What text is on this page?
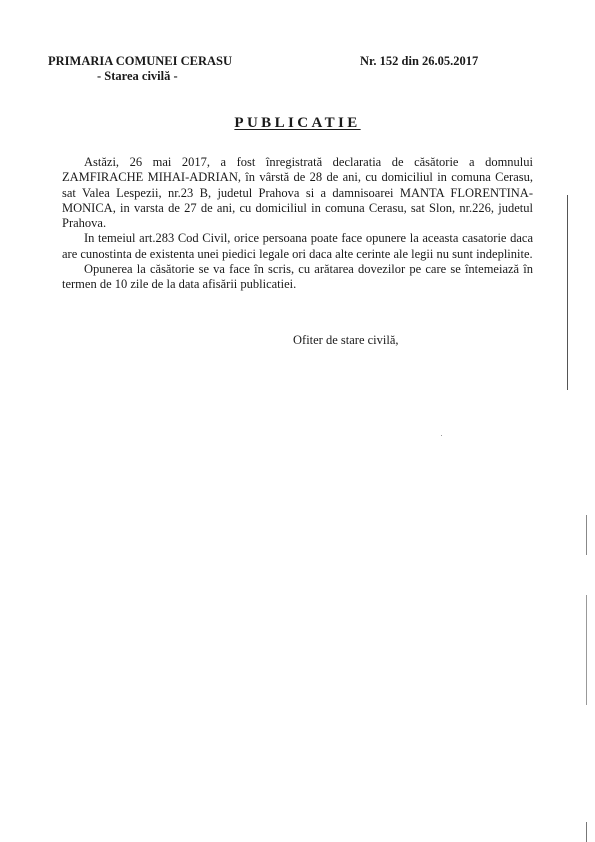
PRIMARIA COMUNEI CERASU
- Starea civilă -
Nr. 152 din 26.05.2017
PUBLICATIE

Astăzi, 26 mai 2017, a fost înregistrată declaratia de căsătorie a domnului ZAMFIRACHE MIHAI-ADRIAN, în vârstă de 28 de ani, cu domiciliul in comuna Cerasu, sat Valea Lespezii, nr.23 B, judetul Prahova si a damnisoarei MANTA FLORENTINA-MONICA, in varsta de 27 de ani, cu domiciliul in comuna Cerasu, sat Slon, nr.226, judetul Prahova.

In temeiul art.283 Cod Civil, orice persoana poate face opunere la aceasta casatorie daca are cunostinta de existenta unei piedici legale ori daca alte cerinte ale legii nu sunt indeplinite.

Opunerea la căsătorie se va face în scris, cu arătarea dovezilor pe care se întemeiază în termen de 10 zile de la data afisării publicatiei.

Ofiter de stare civilă,
